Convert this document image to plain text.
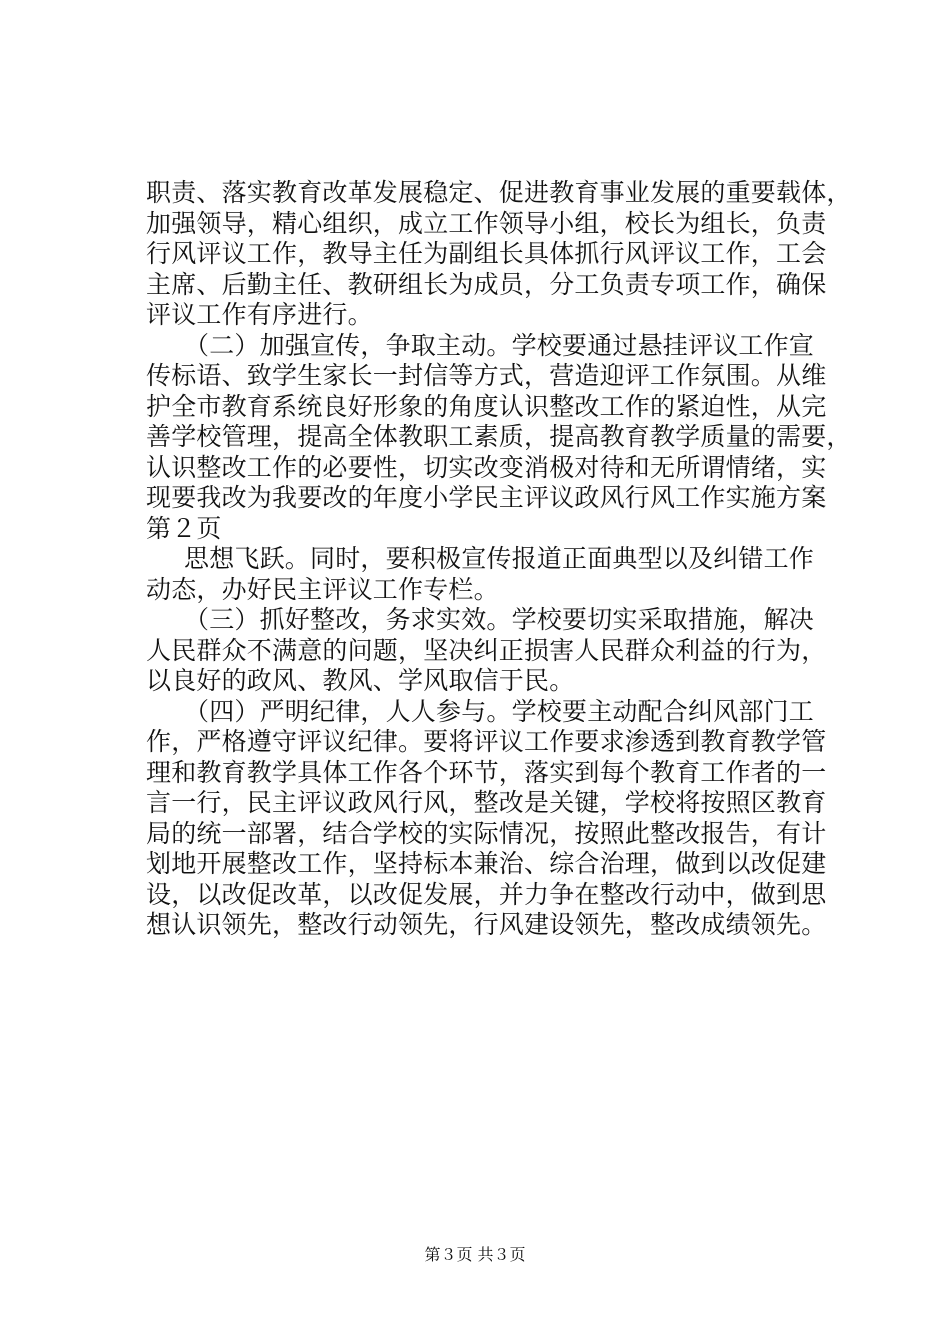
职责、落实教育改革发展稳定、促进教育事业发展的重要载体，
加强领导，精心组织，成立工作领导小组，校长为组长，负责
行风评议工作，教导主任为副组长具体抓行风评议工作，工会
主席、后勤主任、教研组长为成员，分工负责专项工作，确保
评议工作有序进行。
（二）加强宣传，争取主动。学校要通过悬挂评议工作宣
传标语、致学生家长一封信等方式，营造迎评工作氛围。从维
护全市教育系统良好形象的角度认识整改工作的紧迫性，从完
善学校管理，提高全体教职工素质，提高教育教学质量的需要，
认识整改工作的必要性，切实改变消极对待和无所谓情绪，实
现要我改为我要改的年度小学民主评议政风行风工作实施方案
第２页
思想飞跃。同时，要积极宣传报道正面典型以及纠错工作
动态，办好民主评议工作专栏。
（三）抓好整改，务求实效。学校要切实采取措施，解决
人民群众不满意的问题，坚决纠正损害人民群众利益的行为，
以良好的政风、教风、学风取信于民。
（四）严明纪律，人人参与。学校要主动配合纠风部门工
作，严格遵守评议纪律。要将评议工作要求渗透到教育教学管
理和教育教学具体工作各个环节，落实到每个教育工作者的一
言一行，民主评议政风行风，整改是关键，学校将按照区教育
局的统一部署，结合学校的实际情况，按照此整改报告，有计
划地开展整改工作，坚持标本兼治、综合治理，做到以改促建
设，以改促改革，以改促发展，并力争在整改行动中，做到思
想认识领先，整改行动领先，行风建设领先，整改成绩领先。
第３页 共３页
